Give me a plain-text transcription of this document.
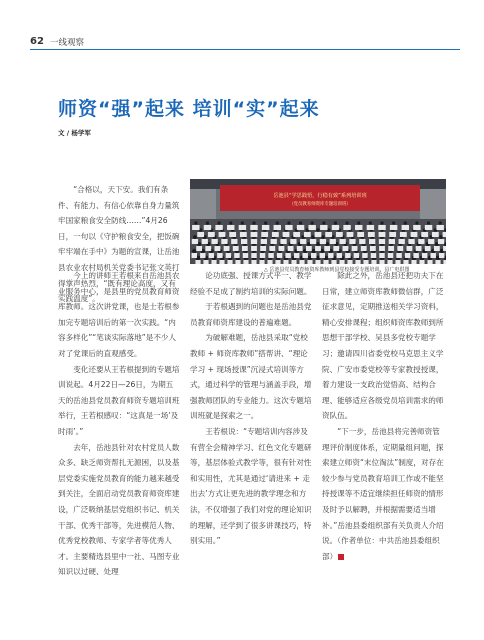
62 一线观察
师资“强”起来 培训“实”起来
文 / 杨学军

“合格以，天下安。我们有条件、有能力、有信心依靠自身力量筑牢国家粮食安全防线……”4月26日，一句以《守护粮食安全，把饭碗牢牢端在手中》为题的宣课，让岳池县农业农村局机关党委书记张文英打得掌声热烈，“既有理论高度，又有实践温度”。

岳池县“学思践悟，行稳有致”系列培训班
（党员教育师资库专题培训班）
△ 岳池县党员教育师资库教师到县党校接受专题培训。县广电供图

今上的讲师王若根来自岳池县农业服务中心，是县里的党员教育师资库教师。这次讲党课，也是士若根参加完专题培训后的第一次实践。“内容多样化”“笔谈实际落地”是不少人对了党课后的直观感受。

变化还要从王若根提到的专题培训说起。4月22日—26日，为期五天的岳池县党员教育师资专题培训班举行，王若根感叹：“这真是一场‘及时雨’。”

去年，岳池县针对农村党员人数众多、缺乏师资帮扎无源困，以及基层党委实施党员教育的能力越来越受到关注，全面启动党员教育师资库建设，广泛吸纳基层党组织书记、机关干部、优秀干部等，先进模范人物、优秀党校教师、专家学者等优秀人才。主要精选县里中一社、马图专业知识以过硬、处理

论功底强、授课方式平一、教学经验不足成了制约培训的实际问题。

于若根遇到的问题也是岳池县党员教育师资库建设的普遍难题。

为破解难题，岳池县采取“党校教师 + 师资库教师”搭帮讲、“理论学习 + 现场授课”沉浸式培训等方式，通过科学的管理与涵盖手段，增强教师团队的专业能力。这次专题培训班就是探索之一。

王若根说：“专题培训内容涉及有营全会精神学习、红色文化专题研等，基层体验式教学等，很有针对性和实用性，尤其是通过‘请进来 + 走出去’方式让更先进的教学理念和方法，不仅增强了我们对党的理论知识的理解，还学到了很多讲课技巧，特别实用。”

除此之外，岳池县还把功夫下在日常，建立师资库教师微信群，广泛征求意见，定期推送相关学习资料，精心安排课程；组织师资库教师到所思想干部学校、吴县多党校专题学习；邀请四川省委党校马克思主义学院、广安市委党校等专家教授授课，着力建设一支政治觉悟高、结构合理、能够适应各级党员培训需求的师资队伍。

“下一步，岳池县将完善师资管理评价制度体系，定期量组问题，探索建立师资“末位淘汰”制度，对存在较少参与党员教育培训工作或不能坚持授课等不适宜继续担任师资的情形及时予以解聘，并根据需要适当增补。”岳池县委组织部有关负责人介绍说。（作者单位：中共岳池县委组织部）
